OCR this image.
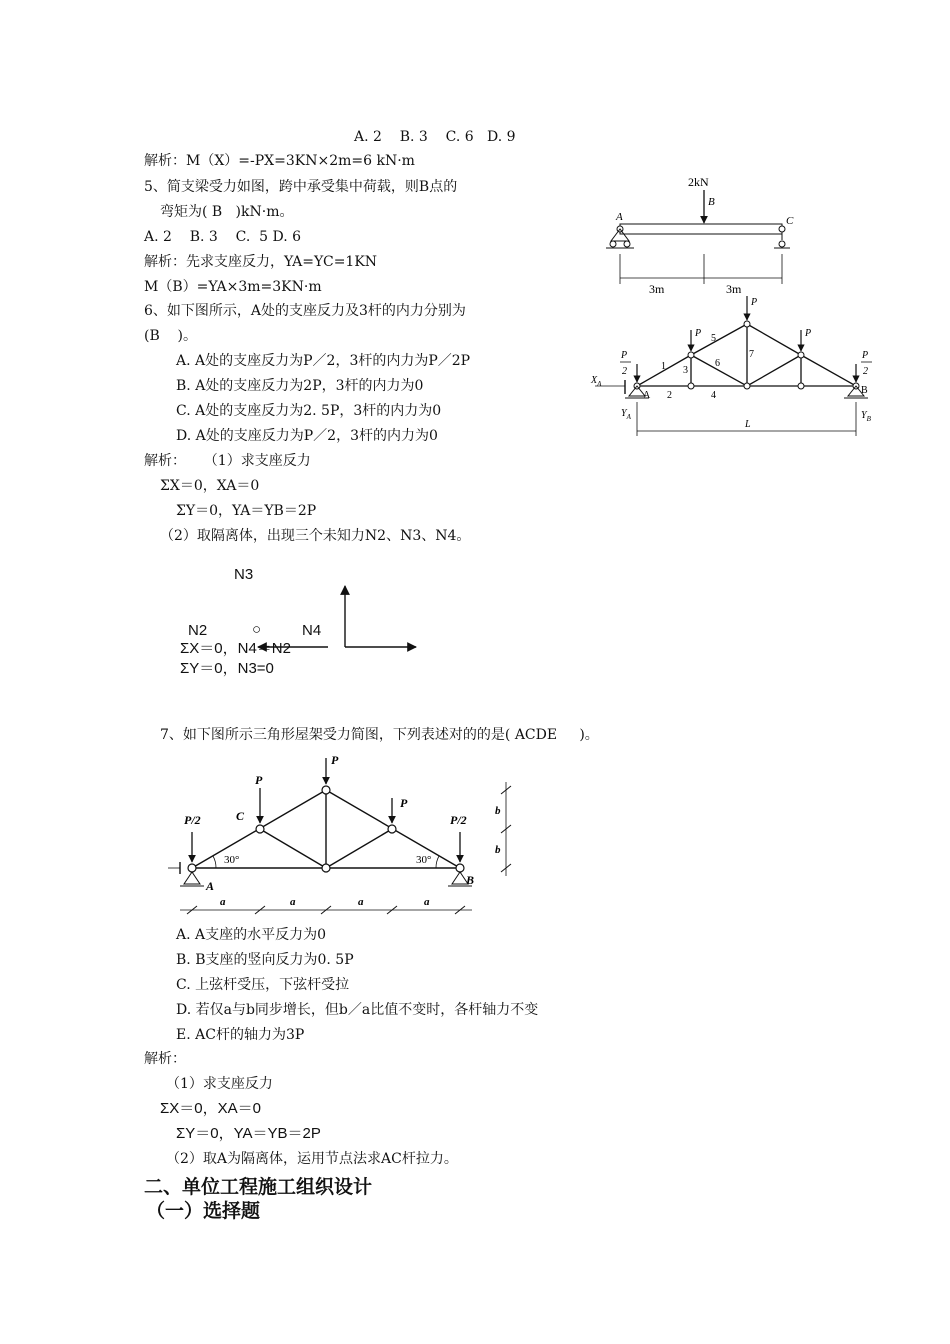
A. 2    B. 3    C. 6   D. 9
解析：M（X）=-PX=3KN×2m=6 kN·m
5、简支梁受力如图，跨中承受集中荷载，则B点的
弯矩为( B   )kN·m。
A. 2    B. 3    C.  5 D. 6
解析：先求支座反力，YA=YC=1KN
M（B）=YA×3m=3KN·m
6、如下图所示，A处的支座反力及3杆的内力分别为
(B    )。
A. A处的支座反力为P／2，3杆的内力为P／2P
B. A处的支座反力为2P，3杆的内力为0
C. A处的支座反力为2. 5P，3杆的内力为0
D. A处的支座反力为P／2，3杆的内力为0
解析：    （1）求支座反力
ΣX＝0，XA＝0
ΣY＝0，YA＝YB＝2P
（2）取隔离体，出现三个未知力N2、N3、N4。
N3
N2	○	N4
ΣX＝0，N4＝N2
ΣY＝0，N3=0
7、如下图所示三角形屋架受力简图，下列表述对的的是( ACDE     )。
A. A支座的水平反力为0
B. B支座的竖向反力为0. 5P
C. 上弦杆受压，下弦杆受拉
D. 若仅a与b同步增长，但b／a比值不变时，各杆轴力不变
E. AC杆的轴力为3P
解析：
（1）求支座反力
ΣX＝0，XA＝0
ΣY＝0，YA＝YB＝2P
（2）取A为隔离体，运用节点法求AC杆拉力。
二、单位工程施工组织设计
（一）选择题
2kN
B
A	C
3m	3m
P
P	P
P
2
P
2
1
2
3
4
5
6
7
A	B
$X_A$
$Y_A$	$Y_B$
L
P
P
P
P/2	P/2
C
A	B
30°	30°
a	a	a	a
b
b
